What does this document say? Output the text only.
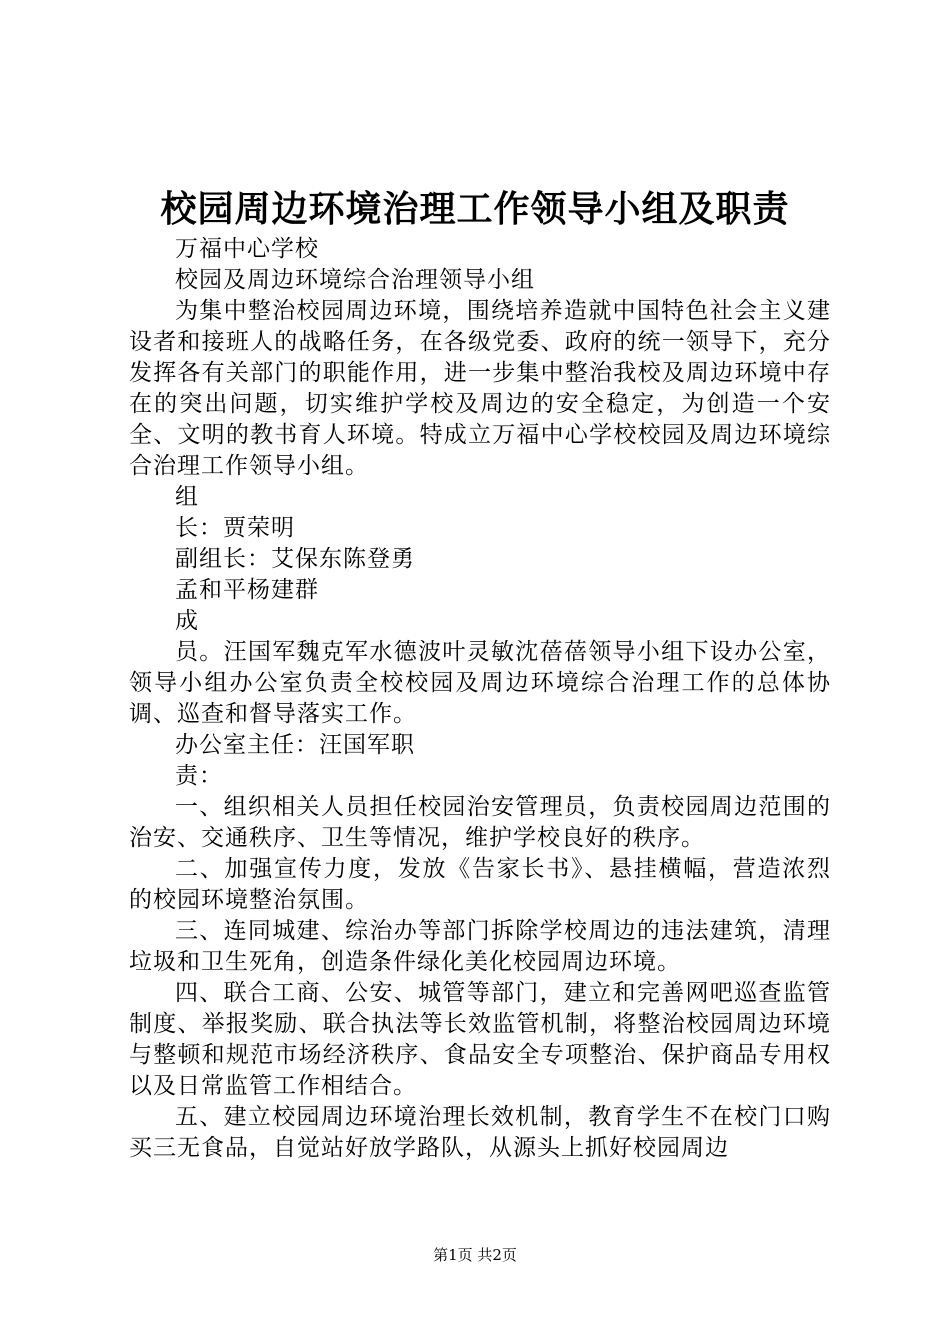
校园周边环境治理工作领导小组及职责

万福中心学校

校园及周边环境综合治理领导小组

为集中整治校园周边环境，围绕培养造就中国特色社会主义建设者和接班人的战略任务，在各级党委、政府的统一领导下，充分发挥各有关部门的职能作用，进一步集中整治我校及周边环境中存在的突出问题，切实维护学校及周边的安全稳定，为创造一个安全、文明的教书育人环境。特成立万福中心学校校园及周边环境综合治理工作领导小组。

组

长：贾荣明

副组长：艾保东陈登勇

孟和平杨建群

成

员。汪国军魏克军水德波叶灵敏沈蓓蓓领导小组下设办公室，领导小组办公室负责全校校园及周边环境综合治理工作的总体协调、巡查和督导落实工作。

办公室主任：汪国军职

责：

一、组织相关人员担任校园治安管理员，负责校园周边范围的治安、交通秩序、卫生等情况，维护学校良好的秩序。

二、加强宣传力度，发放《告家长书》、悬挂横幅，营造浓烈的校园环境整治氛围。

三、连同城建、综治办等部门拆除学校周边的违法建筑，清理垃圾和卫生死角，创造条件绿化美化校园周边环境。

四、联合工商、公安、城管等部门，建立和完善网吧巡查监管制度、举报奖励、联合执法等长效监管机制，将整治校园周边环境与整顿和规范市场经济秩序、食品安全专项整治、保护商品专用权以及日常监管工作相结合。

五、建立校园周边环境治理长效机制，教育学生不在校门口购买三无食品，自觉站好放学路队，从源头上抓好校园周边

第1页 共2页
